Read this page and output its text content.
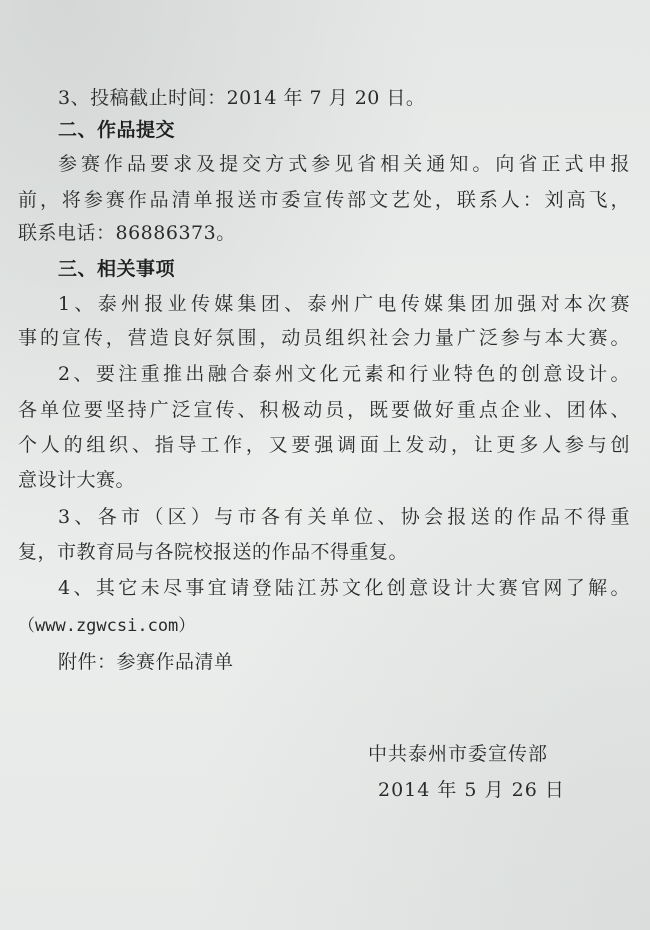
3、投稿截止时间：2014 年 7 月 20 日。
二、作品提交
参赛作品要求及提交方式参见省相关通知。向省正式申报
前，将参赛作品清单报送市委宣传部文艺处，联系人：刘高飞，
联系电话：86886373。
三、相关事项
1、泰州报业传媒集团、泰州广电传媒集团加强对本次赛
事的宣传，营造良好氛围，动员组织社会力量广泛参与本大赛。
2、要注重推出融合泰州文化元素和行业特色的创意设计。
各单位要坚持广泛宣传、积极动员，既要做好重点企业、团体、
个人的组织、指导工作，又要强调面上发动，让更多人参与创
意设计大赛。
3、各市（区）与市各有关单位、协会报送的作品不得重
复，市教育局与各院校报送的作品不得重复。
4、其它未尽事宜请登陆江苏文化创意设计大赛官网了解。
（www.zgwcsi.com）
附件：参赛作品清单
中共泰州市委宣传部
2014 年 5 月 26 日
